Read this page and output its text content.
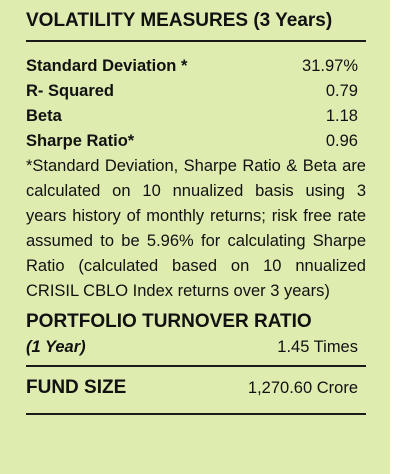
VOLATILITY MEASURES (3 Years)
Standard Deviation *	31.97%
R- Squared	0.79
Beta	1.18
Sharpe Ratio*	0.96
*Standard Deviation, Sharpe Ratio & Beta are calculated on 10 nnualized basis using 3 years history of monthly returns; risk free rate assumed to be 5.96% for calculating Sharpe Ratio (calculated based on 10 nnualized CRISIL CBLO Index returns over 3 years)
PORTFOLIO TURNOVER RATIO
(1 Year)	1.45 Times
FUND SIZE	1,270.60 Crore
